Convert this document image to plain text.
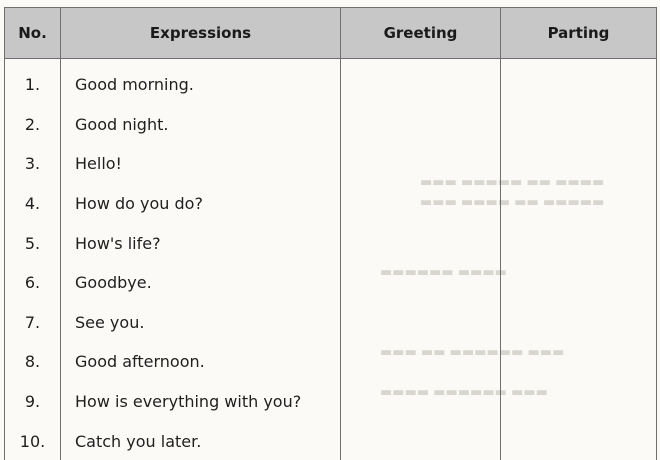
▬▬▬ ▬▬▬▬▬ ▬▬ ▬▬▬▬
▬▬▬ ▬▬▬▬ ▬▬ ▬▬▬▬▬
▬▬▬▬▬▬ ▬▬▬▬
▬▬▬ ▬▬ ▬▬▬▬▬▬ ▬▬▬
▬▬▬▬ ▬▬▬▬▬▬ ▬▬▬
No.	Expressions	Greeting	Parting
1.	Good morning.		
2.	Good night.		
3.	Hello!		
4.	How do you do?		
5.	How's life?		
6.	Goodbye.		
7.	See you.		
8.	Good afternoon.		
9.	How is everything with you?		
10.	Catch you later.		
